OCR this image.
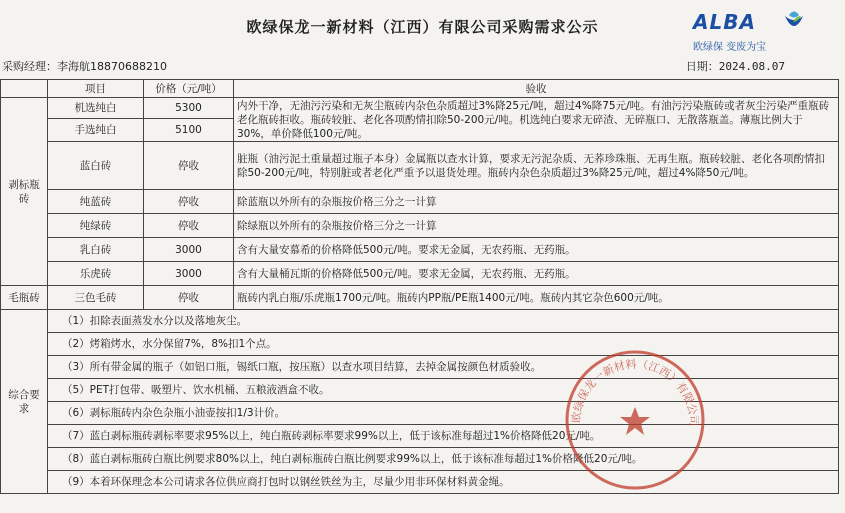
欧绿保龙一新材料（江西）有限公司采购需求公示	ALBA
欧绿保 变废为宝
采购经理：李海航18870688210	日期：2024.08.07
	项目	价格（元/吨）	验收
剥标瓶砖	机选纯白	5300	内外干净，无油污污染和无灰尘瓶砖内杂色杂质超过3%降25元/吨，超过4%降75元/吨。有油污污染瓶砖或者灰尘污染严重瓶砖老化瓶砖拒收。瓶砖较脏、老化各项酌情扣除50-200元/吨。机选纯白要求无碎渣、无碎瓶口、无散落瓶盖。薄瓶比例大于30%，单价降低100元/吨。
	手选纯白	5100	
	蓝白砖	停收	脏瓶（油污泥土重量超过瓶子本身）金属瓶以查水计算，要求无污泥杂质、无荞珍珠瓶、无再生瓶。瓶砖较脏、老化各项酌情扣除50-200元/吨，特别脏或者老化严重予以退货处理。瓶砖内杂色杂质超过3%降25元/吨，超过4%降50元/吨。
	纯蓝砖	停收	除蓝瓶以外所有的杂瓶按价格三分之一计算
	纯绿砖	停收	除绿瓶以外所有的杂瓶按价格三分之一计算
	乳白砖	3000	含有大量安慕希的价格降低500元/吨。要求无金属，无农药瓶、无药瓶。
	乐虎砖	3000	含有大量桶瓦斯的价格降低500元/吨。要求无金属，无农药瓶、无药瓶。
毛瓶砖	三色毛砖	停收	瓶砖内乳白瓶/乐虎瓶1700元/吨。瓶砖内PP瓶/PE瓶1400元/吨。瓶砖内其它杂色600元/吨。
综合要求	（1）扣除表面蒸发水分以及落地灰尘。		
	（2）烤箱烤水，水分保留7%，8%扣1个点。		
	（3）所有带金属的瓶子（如铝口瓶，锡纸口瓶，按压瓶）以查水项目结算，去掉金属按颜色材质验收。		
	（5）PET打包带、吸塑片、饮水机桶、五粮液酒盒不收。		
	（6）剥标瓶砖内杂色杂瓶小油壶按扣1/3计价。		
	（7）蓝白剥标瓶砖剥标率要求95%以上，纯白瓶砖剥标率要求99%以上，低于该标准每超过1%价格降低20元/吨。		
	（8）蓝白剥标瓶砖白瓶比例要求80%以上，纯白剥标瓶砖白瓶比例要求99%以上，低于该标准每超过1%价格降低20元/吨。		
	（9）本着环保理念本公司请求各位供应商打包时以钢丝铁丝为主，尽量少用非环保材料黄金绳。		
欧绿保龙一新材料（江西）有限公司
